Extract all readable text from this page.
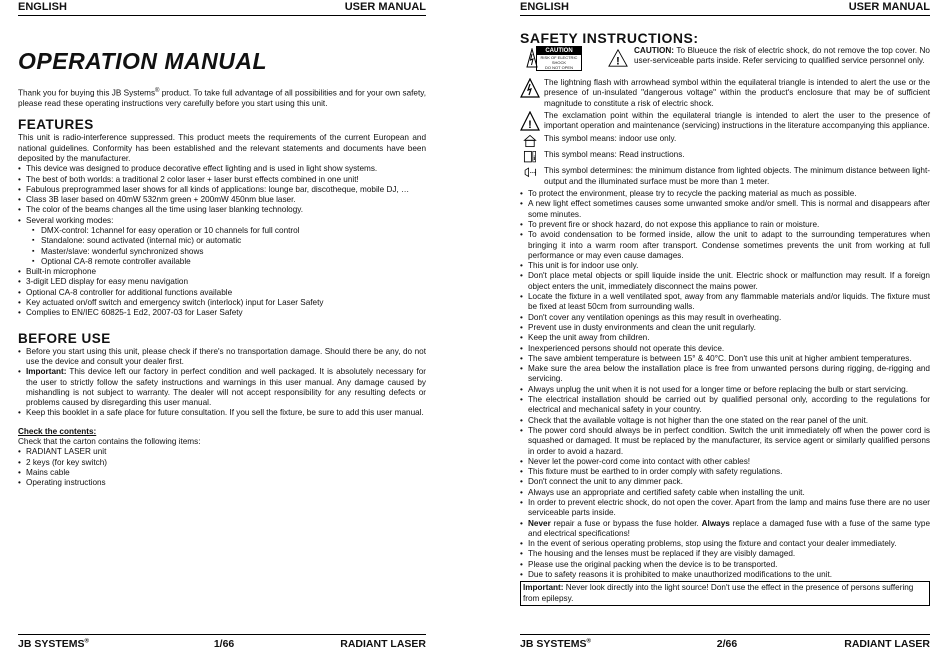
ENGLISH	USER MANUAL
OPERATION MANUAL

Thank you for buying this JB Systems® product. To take full advantage of all possibilities and for your own safety, please read these operating instructions very carefully before you start using this unit.

FEATURES

This unit is radio-interference suppressed. This product meets the requirements of the current European and national guidelines. Conformity has been established and the relevant statements and documents have been deposited by the manufacturer.

• This device was designed to produce decorative effect lighting and is used in light show systems.
• The best of both worlds: a traditional 2 color laser + laser burst effects combined in one unit!
• Fabulous preprogrammed laser shows for all kinds of applications: lounge bar, discotheque, mobile DJ, …
• Class 3B laser based on 40mW 532nm green + 200mW 450nm blue laser.
• The color of the beams changes all the time using laser blanking technology.
• Several working modes:
▪ DMX-control: 1channel for easy operation or 10 channels for full control
▪ Standalone: sound activated (internal mic) or automatic
▪ Master/slave: wonderful synchronized shows
▪ Optional CA-8 remote controller available
• Built-in microphone
• 3-digit LED display for easy menu navigation
• Optional CA-8 controller for additional functions available
• Key actuated on/off switch and emergency switch (interlock) input for Laser Safety
• Complies to EN/IEC 60825-1 Ed2, 2007-03 for Laser Safety
BEFORE USE
• Before you start using this unit, please check if there's no transportation damage. Should there be any, do not use the device and consult your dealer first.
• Important: This device left our factory in perfect condition and well packaged. It is absolutely necessary for the user to strictly follow the safety instructions and warnings in this user manual. Any damage caused by mishandling is not subject to warranty. The dealer will not accept responsibility for any resulting defects or problems caused by disregarding this user manual.
• Keep this booklet in a safe place for future consultation. If you sell the fixture, be sure to add this user manual.
Check the contents:

Check that the carton contains the following items:

• RADIANT LASER unit
• 2 keys (for key switch)
• Mains cable
• Operating instructions
JB SYSTEMS®	1/66	RADIANT LASER
ENGLISH	USER MANUAL
SAFETY INSTRUCTIONS:
CAUTION
RISK OF ELECTRIC SHOCK
DO NOT OPEN
!
CAUTION: To Blueuce the risk of electric shock, do not remove the top cover. No user-serviceable parts inside. Refer servicing to qualified service personnel only.
The lightning flash with arrowhead symbol within the equilateral triangle is intended to alert the use or the presence of un-insulated "dangerous voltage" within the product's enclosure that may be of sufficient magnitude to constitute a risk of electric shock.
!
The exclamation point within the equilateral triangle is intended to alert the user to the presence of important operation and maintenance (servicing) instructions in the literature accompanying this appliance.
This symbol means: indoor use only.
i This symbol means: Read instructions.
This symbol determines: the minimum distance from lighted objects. The minimum distance between light-output and the illuminated surface must be more than 1 meter.
• To protect the environment, please try to recycle the packing material as much as possible.
• A new light effect sometimes causes some unwanted smoke and/or smell. This is normal and disappears after some minutes.
• To prevent fire or shock hazard, do not expose this appliance to rain or moisture.
• To avoid condensation to be formed inside, allow the unit to adapt to the surrounding temperatures when bringing it into a warm room after transport. Condense sometimes prevents the unit from working at full performance or may even cause damages.
• This unit is for indoor use only.
• Don't place metal objects or spill liquide inside the unit. Electric shock or malfunction may result. If a foreign object enters the unit, immediately disconnect the mains power.
• Locate the fixture in a well ventilated spot, away from any flammable materials and/or liquids. The fixture must be fixed at least 50cm from surrounding walls.
• Don't cover any ventilation openings as this may result in overheating.
• Prevent use in dusty environments and clean the unit regularly.
• Keep the unit away from children.
• Inexperienced persons should not operate this device.
• The save ambient temperature is between 15° & 40°C. Don't use this unit at higher ambient temperatures.
• Make sure the area below the installation place is free from unwanted persons during rigging, de-rigging and servicing.
• Always unplug the unit when it is not used for a longer time or before replacing the bulb or start servicing.
• The electrical installation should be carried out by qualified personal only, according to the regulations for electrical and mechanical safety in your country.
• Check that the available voltage is not higher than the one stated on the rear panel of the unit.
• The power cord should always be in perfect condition. Switch the unit immediately off when the power cord is squashed or damaged. It must be replaced by the manufacturer, its service agent or similarly qualified persons in order to avoid a hazard.
• Never let the power-cord come into contact with other cables!
• This fixture must be earthed to in order comply with safety regulations.
• Don't connect the unit to any dimmer pack.
• Always use an appropriate and certified safety cable when installing the unit.
• In order to prevent electric shock, do not open the cover. Apart from the lamp and mains fuse there are no user serviceable parts inside.
• Never repair a fuse or bypass the fuse holder. Always replace a damaged fuse with a fuse of the same type and electrical specifications!
• In the event of serious operating problems, stop using the fixture and contact your dealer immediately.
• The housing and the lenses must be replaced if they are visibly damaged.
• Please use the original packing when the device is to be transported.
• Due to safety reasons it is prohibited to make unauthorized modifications to the unit.
Important: Never look directly into the light source! Don't use the effect in the presence of persons suffering from epilepsy.
JB SYSTEMS®	2/66	RADIANT LASER
